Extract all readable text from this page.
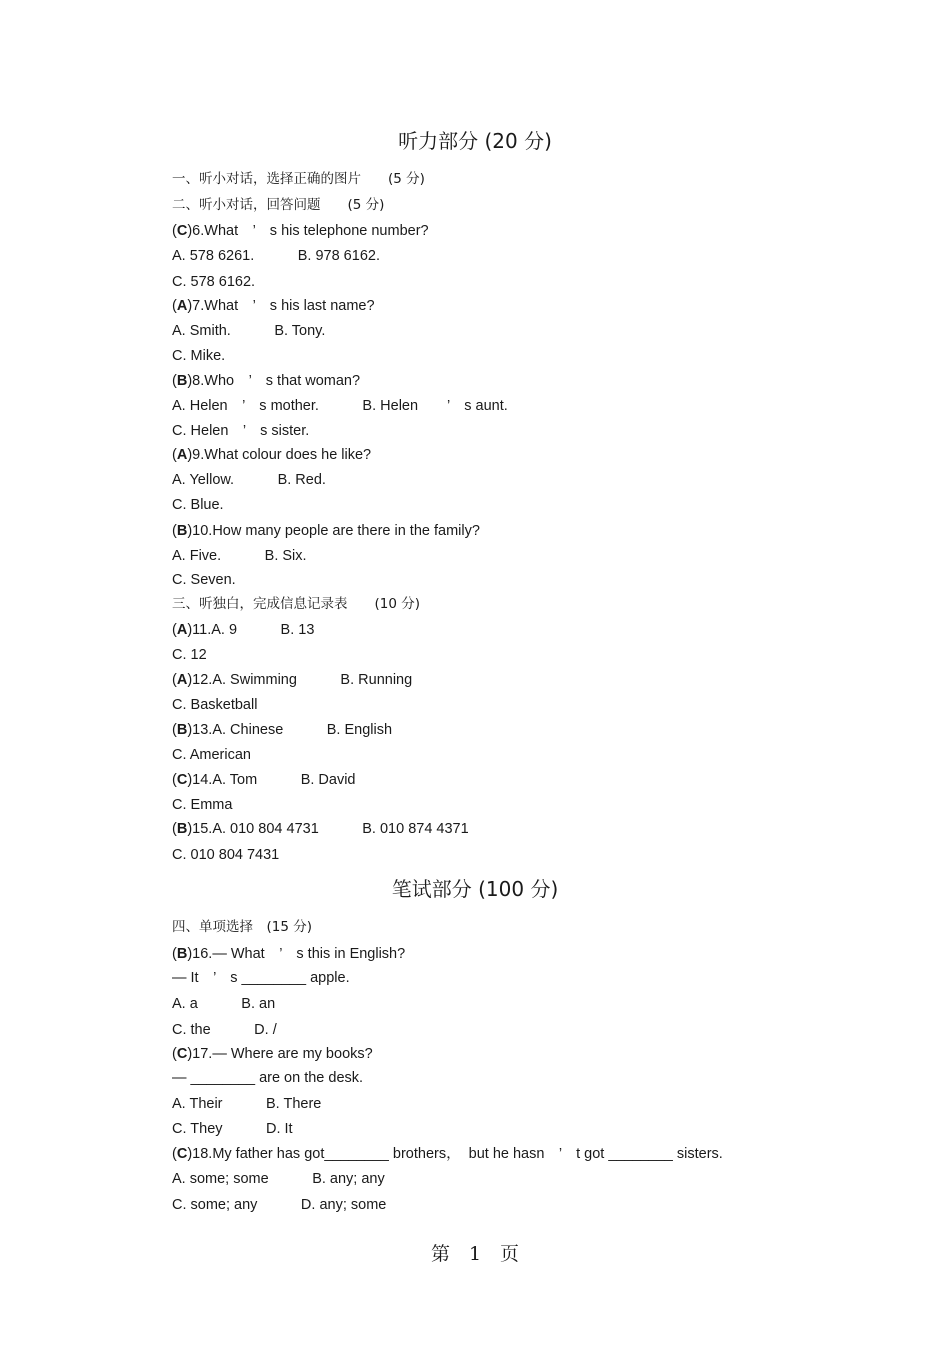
听力部分 (20 分)
一、听小对话，选择正确的图片　　(5 分)
二、听小对话，回答问题　　(5 分)
(C)6.What　’　s his telephone number?
A. 578 6261.　　　B. 978 6162.
C. 578 6162.
(A)7.What　’　s his last name?
A. Smith.　　　B. Tony.
C. Mike.
(B)8.Who　’　s that woman?
A. Helen　’　s mother.　　　B. Helen　　’　s aunt.
C. Helen　’　s sister.
(A)9.What colour does he like?
A. Yellow.　　　B. Red.
C. Blue.
(B)10.How many people are there in the family?
A. Five.　　　B. Six.
C. Seven.
三、听独白，完成信息记录表　　(10 分)
(A)11.A. 9　　　B. 13
C. 12
(A)12.A. Swimming　　　B. Running
C. Basketball
(B)13.A. Chinese　　　B. English
C. American
(C)14.A. Tom　　　B. David
C. Emma
(B)15.A. 010 804 4731　　　B. 010 874 4371
C. 010 804 7431
笔试部分 (100 分)
四、单项选择　(15 分)
(B)16.— What　’　s this in English?
— It　’　s ________ apple.
A. a　　　B. an
C. the　　　D. /
(C)17.— Where are my books?
— ________ are on the desk.
A. Their　　　B. There
C. They　　　D. It
(C)18.My father has got________ brothers，  but he hasn　’　t got ________ sisters.
A. some; some　　　B. any; any
C. some; any　　　D. any; some
第　1　页
